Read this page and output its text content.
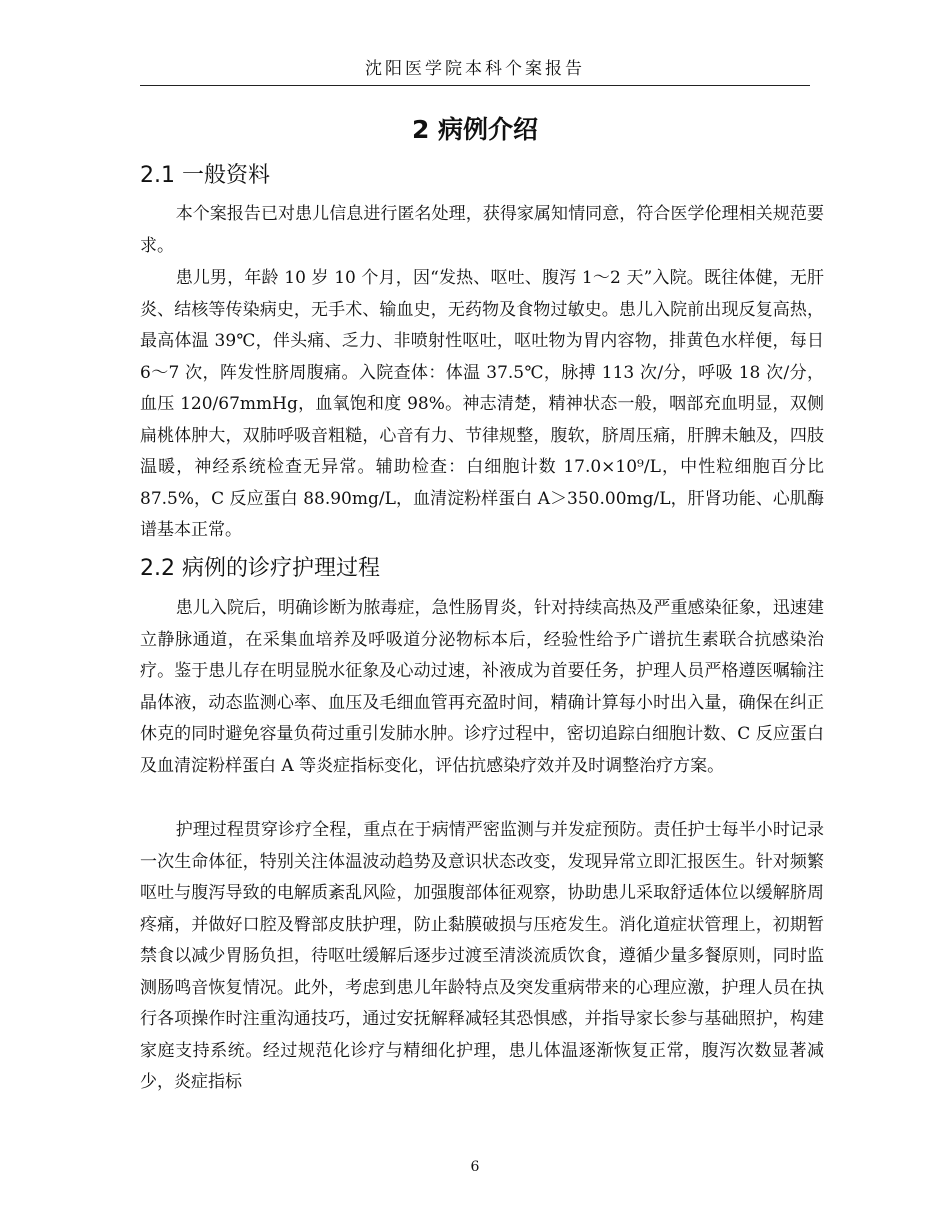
沈阳医学院本科个案报告
2 病例介绍
2.1 一般资料

本个案报告已对患儿信息进行匿名处理，获得家属知情同意，符合医学伦理相关规范要求。

患儿男，年龄 10 岁 10 个月，因“发热、呕吐、腹泻 1～2 天”入院。既往体健，无肝炎、结核等传染病史，无手术、输血史，无药物及食物过敏史。患儿入院前出现反复高热，最高体温 39℃，伴头痛、乏力、非喷射性呕吐，呕吐物为胃内容物，排黄色水样便，每日 6～7 次，阵发性脐周腹痛。入院查体：体温 37.5℃，脉搏 113 次/分，呼吸 18 次/分，血压 120/67mmHg，血氧饱和度 98%。神志清楚，精神状态一般，咽部充血明显，双侧扁桃体肿大，双肺呼吸音粗糙，心音有力、节律规整，腹软，脐周压痛，肝脾未触及，四肢温暖，神经系统检查无异常。辅助检查：白细胞计数 17.0×10⁹/L，中性粒细胞百分比 87.5%，C 反应蛋白 88.90mg/L，血清淀粉样蛋白 A＞350.00mg/L，肝肾功能、心肌酶谱基本正常。

2.2 病例的诊疗护理过程

患儿入院后，明确诊断为脓毒症，急性肠胃炎，针对持续高热及严重感染征象，迅速建立静脉通道，在采集血培养及呼吸道分泌物标本后，经验性给予广谱抗生素联合抗感染治疗。鉴于患儿存在明显脱水征象及心动过速，补液成为首要任务，护理人员严格遵医嘱输注晶体液，动态监测心率、血压及毛细血管再充盈时间，精确计算每小时出入量，确保在纠正休克的同时避免容量负荷过重引发肺水肿。诊疗过程中，密切追踪白细胞计数、C 反应蛋白及血清淀粉样蛋白 A 等炎症指标变化，评估抗感染疗效并及时调整治疗方案。

护理过程贯穿诊疗全程，重点在于病情严密监测与并发症预防。责任护士每半小时记录一次生命体征，特别关注体温波动趋势及意识状态改变，发现异常立即汇报医生。针对频繁呕吐与腹泻导致的电解质紊乱风险，加强腹部体征观察，协助患儿采取舒适体位以缓解脐周疼痛，并做好口腔及臀部皮肤护理，防止黏膜破损与压疮发生。消化道症状管理上，初期暂禁食以减少胃肠负担，待呕吐缓解后逐步过渡至清淡流质饮食，遵循少量多餐原则，同时监测肠鸣音恢复情况。此外，考虑到患儿年龄特点及突发重病带来的心理应激，护理人员在执行各项操作时注重沟通技巧，通过安抚解释减轻其恐惧感，并指导家长参与基础照护，构建家庭支持系统。经过规范化诊疗与精细化护理，患儿体温逐渐恢复正常，腹泻次数显著减少，炎症指标

6
